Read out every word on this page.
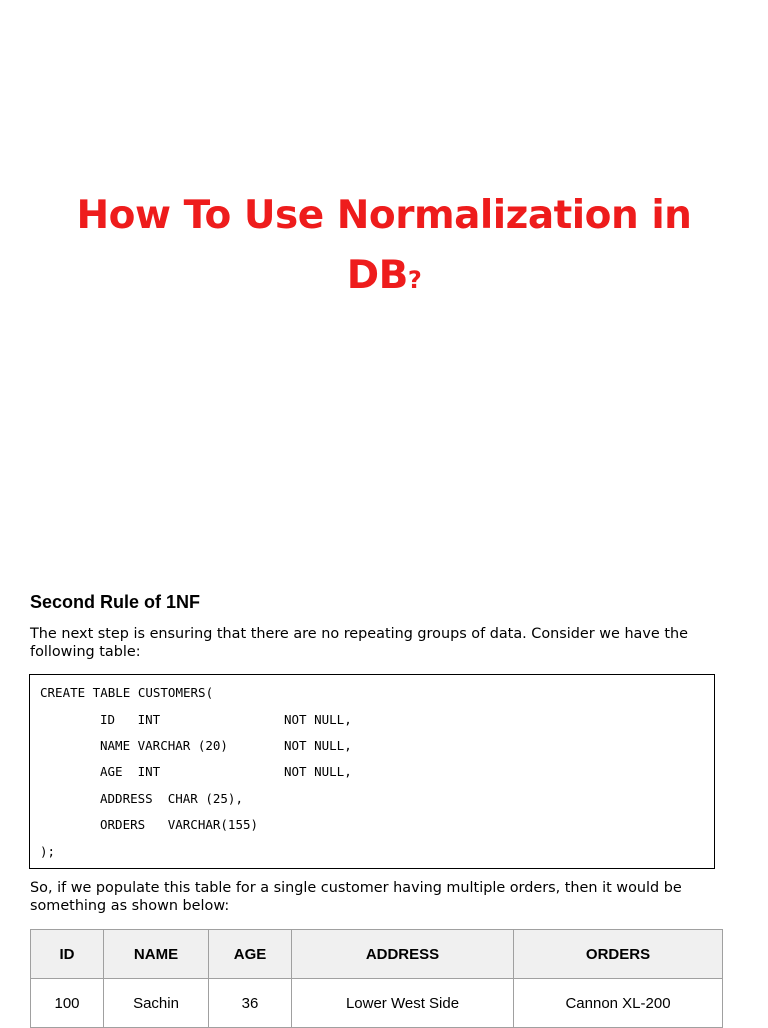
How To Use Normalization in
DB?
Second Rule of 1NF
The next step is ensuring that there are no repeating groups of data. Consider we have the following table:
CREATE TABLE CUSTOMERS(

ID   INT

	NOT NULL,

NAME VARCHAR (20)

	NOT NULL,

AGE  INT

	NOT NULL,

ADDRESS  CHAR (25),

ORDERS   VARCHAR(155)

);
So, if we populate this table for a single customer having multiple orders, then it would be something as shown below:
ID	NAME	AGE	ADDRESS	ORDERS
100	Sachin	36	Lower West Side	Cannon XL-200
